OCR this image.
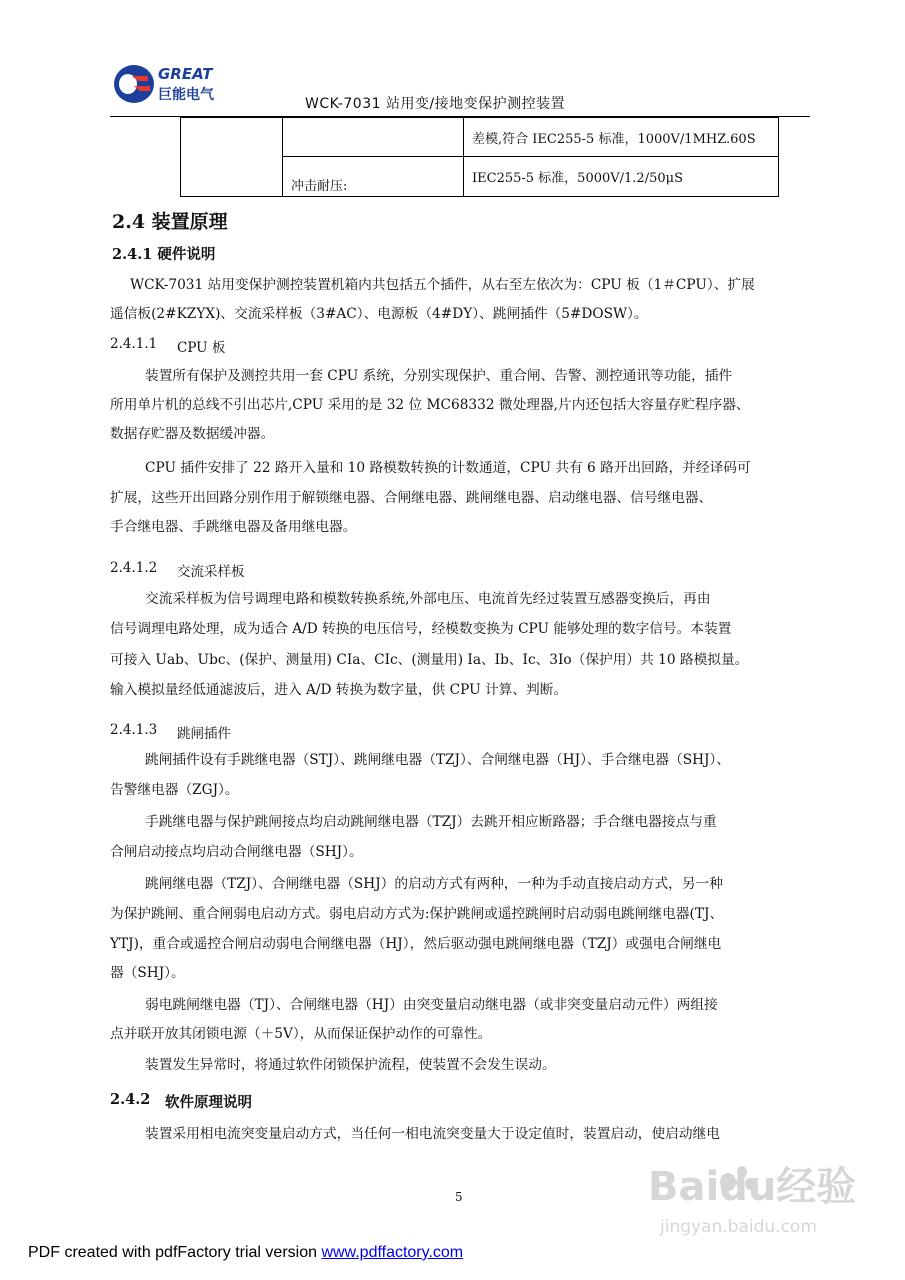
GREAT
巨能电气
WCK-7031 站用变/接地变保护测控装置
		差模,符合 IEC255-5 标准，1000V/1MHZ.60S
	冲击耐压:	IEC255-5 标准，5000V/1.2/50μS
2.4 装置原理
2.4.1 硬件说明
WCK-7031 站用变保护测控装置机箱内共包括五个插件，从右至左依次为：CPU 板（1＃CPU）、扩展
遥信板(2#KZYX)、交流采样板（3#AC）、电源板（4#DY）、跳闸插件（5#DOSW）。
2.4.1.1 CPU 板
装置所有保护及测控共用一套 CPU 系统，分别实现保护、重合闸、告警、测控通讯等功能，插件
所用单片机的总线不引出芯片,CPU 采用的是 32 位 MC68332 微处理器,片内还包括大容量存贮程序器、
数据存贮器及数据缓冲器。
CPU 插件安排了 22 路开入量和 10 路模数转换的计数通道，CPU 共有 6 路开出回路，并经译码可
扩展，这些开出回路分别作用于解锁继电器、合闸继电器、跳闸继电器、启动继电器、信号继电器、
手合继电器、手跳继电器及备用继电器。
2.4.1.2 交流采样板
交流采样板为信号调理电路和模数转换系统,外部电压、电流首先经过装置互感器变换后，再由
信号调理电路处理，成为适合 A/D 转换的电压信号，经模数变换为 CPU 能够处理的数字信号。本装置
可接入 Uab、Ubc、(保护、测量用) CIa、CIc、(测量用) Ia、Ib、Ic、3Io（保护用）共 10 路模拟量。
输入模拟量经低通滤波后，进入 A/D 转换为数字量，供 CPU 计算、判断。
2.4.1.3 跳闸插件
跳闸插件设有手跳继电器（STJ）、跳闸继电器（TZJ）、合闸继电器（HJ）、手合继电器（SHJ）、
告警继电器（ZGJ）。
手跳继电器与保护跳闸接点均启动跳闸继电器（TZJ）去跳开相应断路器；手合继电器接点与重
合闸启动接点均启动合闸继电器（SHJ）。
跳闸继电器（TZJ）、合闸继电器（SHJ）的启动方式有两种，一种为手动直接启动方式，另一种
为保护跳闸、重合闸弱电启动方式。弱电启动方式为:保护跳闸或遥控跳闸时启动弱电跳闸继电器(TJ、
YTJ)，重合或遥控合闸启动弱电合闸继电器（HJ），然后驱动强电跳闸继电器（TZJ）或强电合闸继电
器（SHJ）。
弱电跳闸继电器（TJ）、合闸继电器（HJ）由突变量启动继电器（或非突变量启动元件）两组接
点并联开放其闭锁电源（＋5V），从而保证保护动作的可靠性。
装置发生异常时，将通过软件闭锁保护流程，使装置不会发生误动。
2.4.2 软件原理说明
装置采用相电流突变量启动方式，当任何一相电流突变量大于设定值时，装置启动，使启动继电
5	Baidu经验
jingyan.baidu.com
PDF created with pdfFactory trial version www.pdffactory.com
